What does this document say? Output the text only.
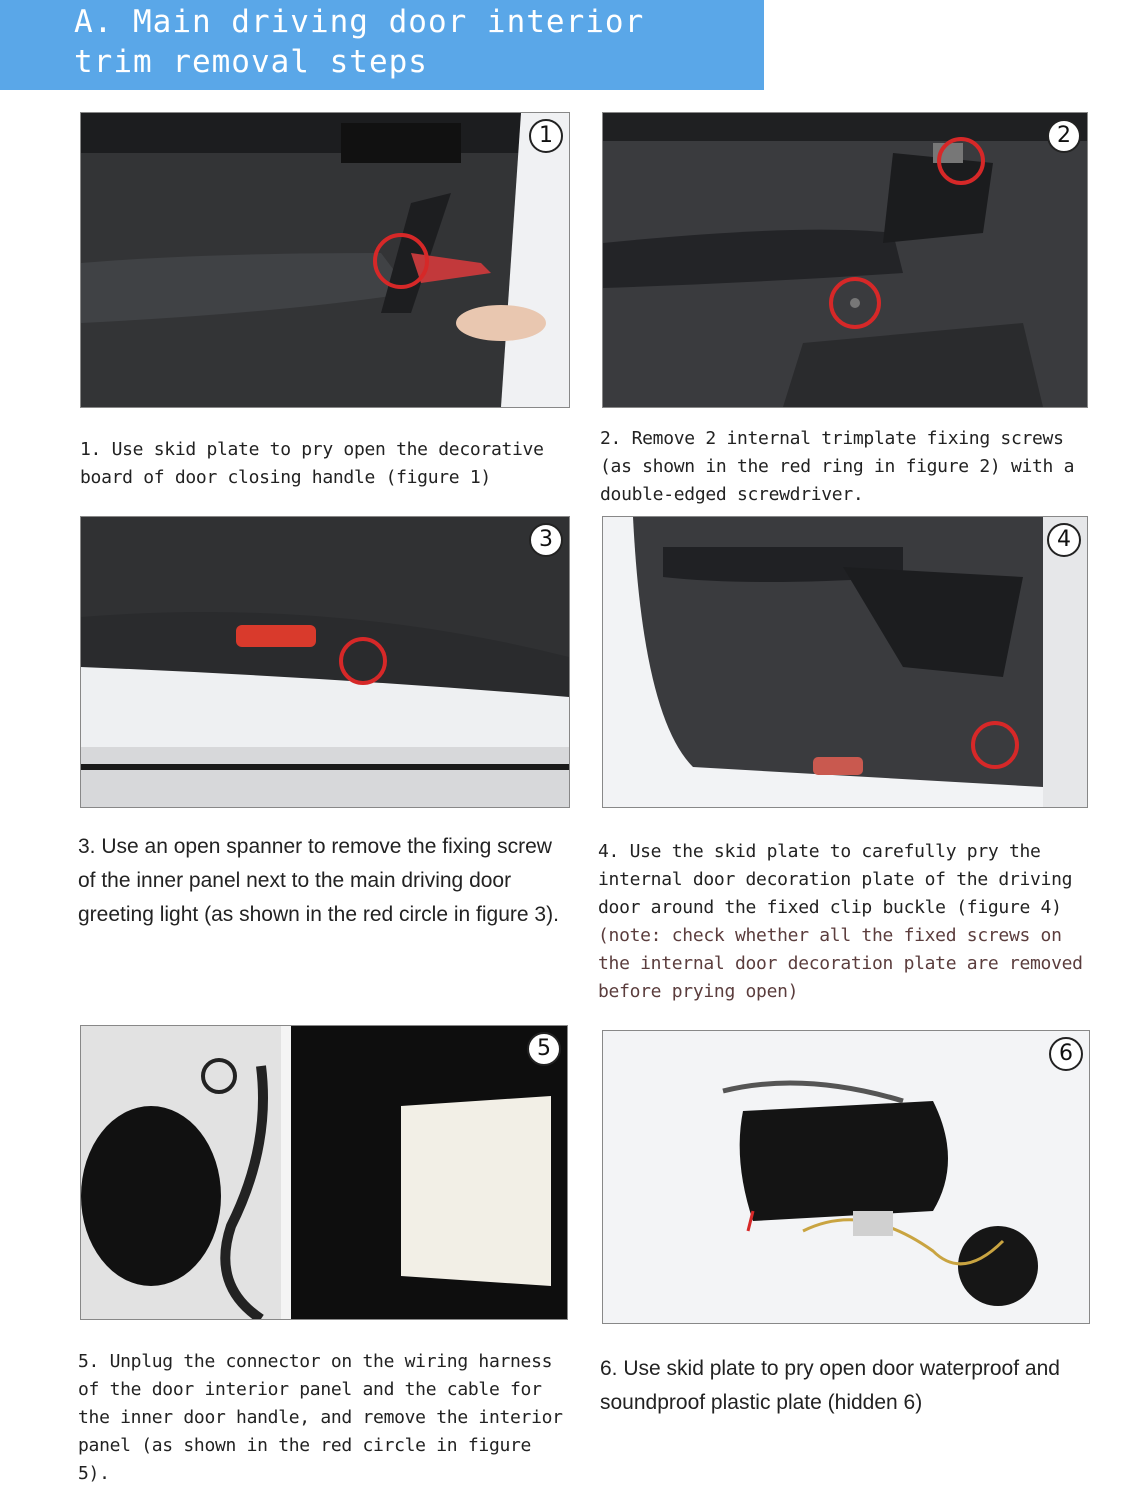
A. Main driving door interior
trim removal steps
1	2
1. Use skid plate to pry open the decorative board of door closing handle (figure 1)
2. Remove 2 internal trimplate fixing screws (as shown in the red ring in figure 2) with a double-edged screwdriver.
3	4
3. Use an open spanner to remove the fixing screw of the inner panel next to the main driving door greeting light (as shown in the red circle in figure 3).
4. Use the skid plate to carefully pry the internal door decoration plate of the driving door around the fixed clip buckle (figure 4)
(note: check whether all the fixed screws on the internal door decoration plate are removed before prying open)
5	6
5. Unplug the connector on the wiring harness of the door interior panel and the cable for the inner door handle, and remove the interior panel (as shown in the red circle in figure 5).
6. Use skid plate to pry open door waterproof and soundproof plastic plate (hidden 6)
